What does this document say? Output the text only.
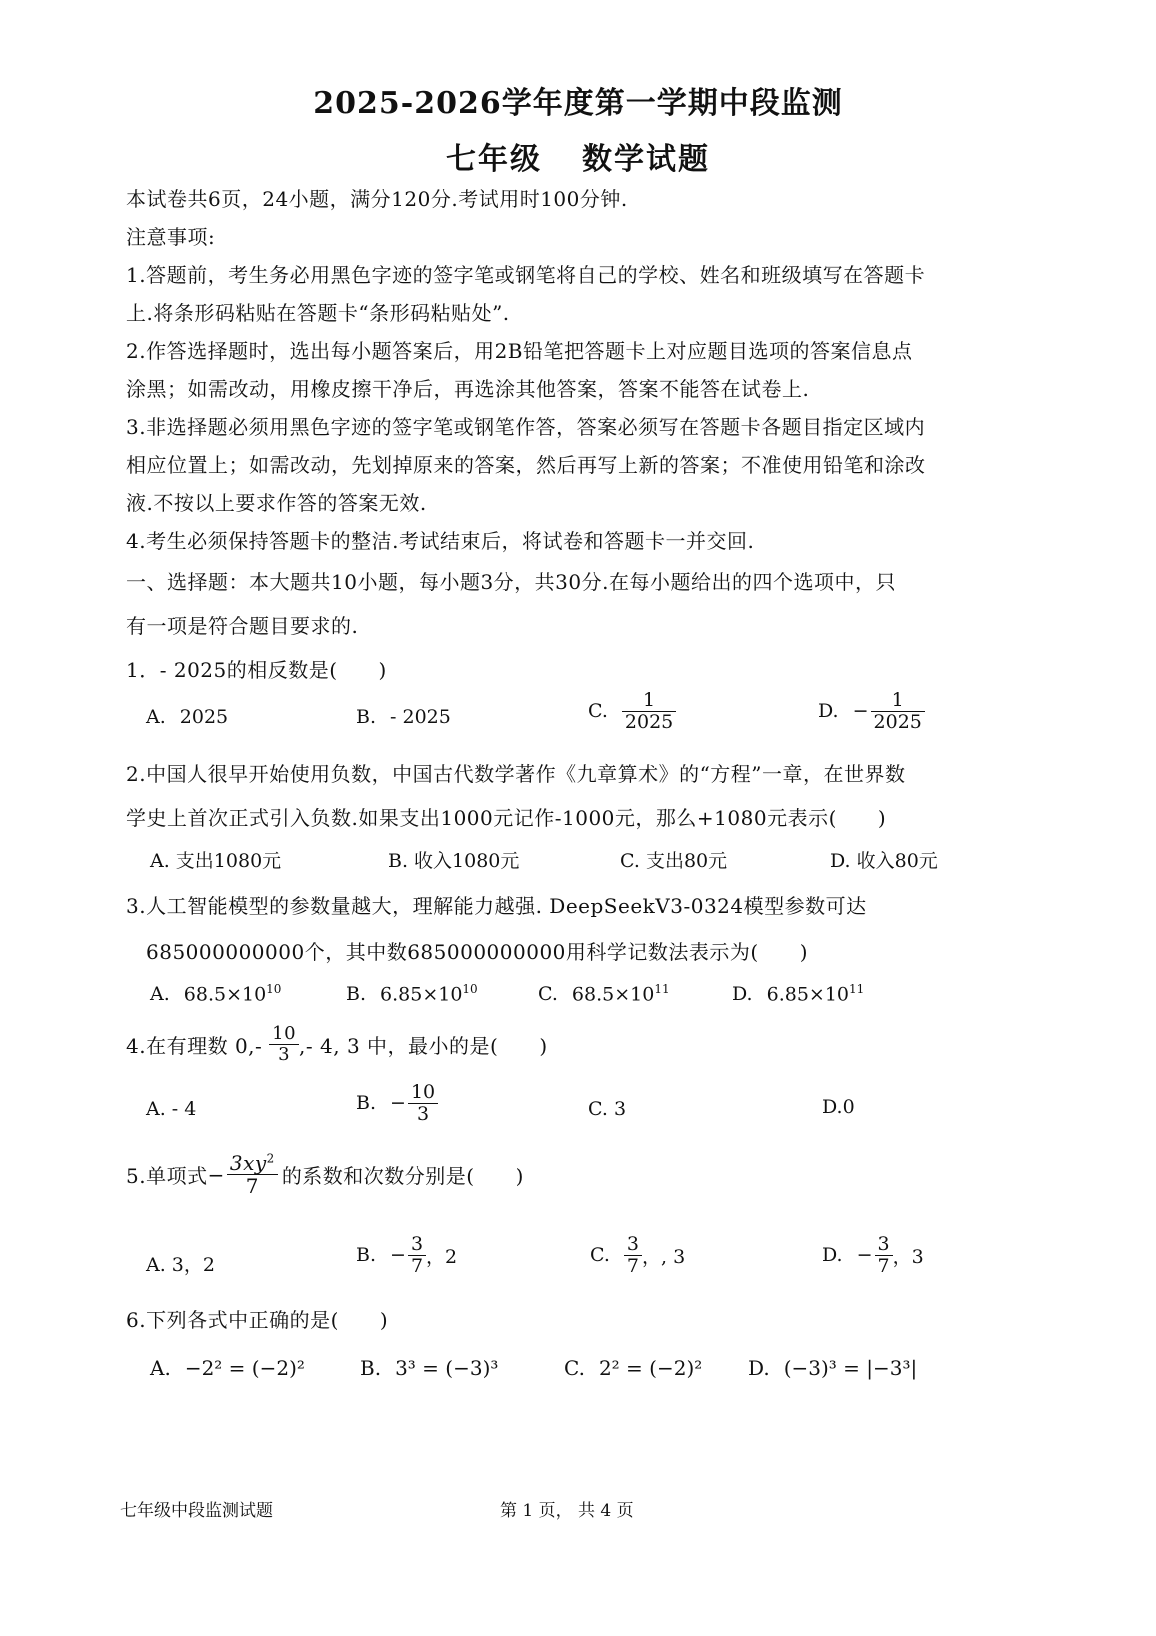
2025-2026学年度第一学期中段监测
七年级 数学试题
本试卷共6页，24小题，满分120分.考试用时100分钟.
注意事项:
1.答题前，考生务必用黑色字迹的签字笔或钢笔将自己的学校、姓名和班级填写在答题卡
上.将条形码粘贴在答题卡“条形码粘贴处”.
2.作答选择题时，选出每小题答案后，用2B铅笔把答题卡上对应题目选项的答案信息点
涂黑；如需改动，用橡皮擦干净后，再选涂其他答案，答案不能答在试卷上.
3.非选择题必须用黑色字迹的签字笔或钢笔作答，答案必须写在答题卡各题目指定区域内
相应位置上；如需改动，先划掉原来的答案，然后再写上新的答案；不准使用铅笔和涂改
液.不按以上要求作答的答案无效.
4.考生必须保持答题卡的整洁.考试结束后，将试卷和答题卡一并交回.
一、选择题：本大题共10小题，每小题3分，共30分.在每小题给出的四个选项中，只
有一项是符合题目要求的.
1．- 2025的相反数是(　　)
A. 2025	B. - 2025	C. $\frac{1}{2025}$	D. − $\frac{1}{2025}$
2.中国人很早开始使用负数，中国古代数学著作《九章算术》的“方程”一章，在世界数
学史上首次正式引入负数.如果支出1000元记作-1000元，那么+1080元表示(　　)
A. 支出1080元	B. 收入1080元	C. 支出80元	D. 收入80元
3.人工智能模型的参数量越大，理解能力越强. DeepSeekV3-0324模型参数可达
685000000000个，其中数685000000000用科学记数法表示为(　　)
A. $68.5\times 10^{10}$	B. $6.85\times 10^{10}$	C. $68.5\times 10^{11}$	D. $6.85\times 10^{11}$
4.在有理数 $0,- \frac{10}{3}$ ,- 4, 3 中，最小的是(　　)
A. - 4	B. − $\frac{10}{3}$	C. 3	D.0
5.单项式− $\frac{3xy^2}{7}$ 的系数和次数分别是(　　)
A. 3，2	B. − $\frac{3}{7}$ ，2	C. $\frac{3}{7}$ ，, 3	D. − $\frac{3}{7}$ ，3
6.下列各式中正确的是(　　)
A. −2² = (−2)²	B. 3³ = (−3)³	C. 2² = (−2)² D. (−3)³ = |−3³|
七年级中段监测试题	第 1 页， 共 4 页
